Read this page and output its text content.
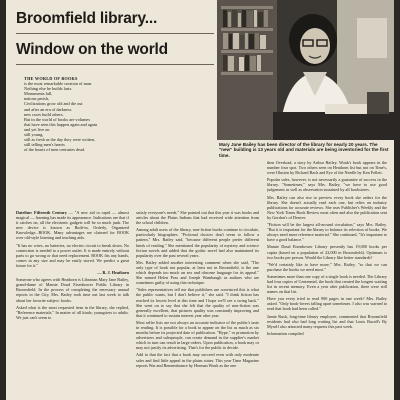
Broomfield library...
Window on the world
THE WORLD OF BOOKS
is the most remarkable creation of man.
Nothing else he builds lasts.
Monuments fall,
nations perish,
Civilizations grow old and die out
and after an era of darkness
new races build others.
But in the world of books are volumes
that have seen this happen again and again
and yet live on
still young,
still as fresh as the day they were written,
still telling men's hearts
of the hearts of men centuries dead.
Mary Jane Bailey has been director of the library for nearly 20 years. The "new" building is 13 years old and materials are being inventoried for the first time.

Dateline: Fifteenth Century — "A new aid to rapid — almost magical — learning has made its appearance. Indications are that if it catches on, all the electronic gadgets will be so much junk. The new device is known as Built-in, Orderly, Organized Knowledge...BOOK. Many advantages are claimed for BOOK over old-style learning and teaching aids.

"It has no wires, no batteries, no electric circuit to break down. No connection is needed to a power outlet. It is made entirely without parts to go wrong or that need replacement. BOOK fits any hands, comes in any size and may be easily stored. We predict a great future for it."

— R. J. Heathorn

Someone who agrees with Heathorn is Librarian Mary Jane Bailey, grand-dame of Mamie Doud Eisenhower Public Library in Broomfield. In the process of completing the necessary annual reports to the City, Mrs. Bailey took time out last week to talk about her favorite subject: books.

Asked what is the most requested item in the library, she replied, "Reference materials." In matter of all kinds; youngsters to adults. We just can't seem to

satisfy everyone's needs." She pointed out that this year it was books and articles about the Plains Indians that had received wide attention from the school children.

Among adult users of the library, non-fiction books continue to circulate, particularly biographies. "Fictional choices don't seem to follow a pattern," Mrs. Bailey said, "because different people prefer different kinds of reading." She mentioned the popularity of mystery and science fiction novels and added that the gothic novel had also maintained its popularity over the past several years.

Mrs. Bailey added another interesting comment when she said, "The only type of book not popular, at least not in Broomfield, is the one which depends too much on sex and obscene language for its appeal." She named Helen Poss and Joseph Wambaugh as authors who are sometimes guilty of using this technique.

"Sales representatives tell me that publishers are convinced this is what the public wants, but I don't believe it," she said. "I think fiction has reached its lowest level at this time and I hope we'll see a swing back." She went on to say that she felt that the quality of non-fiction was generally excellent, that pictures quality was constantly improving and that it continued to sustain interest year after year.

Most seller lists are not always an accurate indicator of the public's taste in reading. It is possible for a book to appear on the list as much as six months before its projected date of publication. "Hype," or promotion by advertisers and salespeople, can create demand in the supplier's market which in turn can result in large orders. Upon publication, a book may or may not justify its advertising. That's for the public to decide.

Add to that the fact that a book may succeed even with only moderate sales and find little appeal in the plains states. This year Time Magazine reports War and Remembrance by Herman Wouk as the one

then Overload, a story by Arthur Hailey. Wouk's book appears in the number four spot. Two others seen on Heathorn list but not on Time's, were Illusion by Richard Bach and Eye of the Needle by Ken Follett.

Popular sales, however, is not necessarily a guarantee of success in the library. "Sometimes," says Mrs. Bailey, "we have to use good judgement as well as observation sustained by all bookstores.

Mrs. Bailey can also rise to preview every book she orders for the library. She doesn't actually read each one, but relies on industry publications for accurate reviews. She uses Publisher's Weekly and the New York Times Book Review most often and also the publication sent by Gordon's of Denver.

"Fiction will be the largest all-around circulation," says Mrs. Bailey. "But it is important for the library to balance its selection of books. We always need more reference material." She continued, "It's important to have a good balance."

Mamie Doud Eisenhower Library presently has 19,000 books per capita (based on a population of 22,000 in Broomfield). Optimum is two books per person. Would the Library like better standards?

"We'd certainly like to have more," Mrs. Bailey, "so that we can purchase the books we need most."

Sometimes more than one copy of a single book is needed. The Library had four copies of Centennial, the book that created the longest waiting list in recent memory. Even a year after publication, there were still names on that list.

Have you every tried to read 900 pages in one week? Mrs. Bailey asked. "Only book-lovers falling apart sometimes. I also was warned to read that book had been called."

Jamie Rush, long-time library employee, commented that Broomfield residents had also had long waiting list and that Louis Bacall's By Myself also attracted many requests this past week.

Information compiled
